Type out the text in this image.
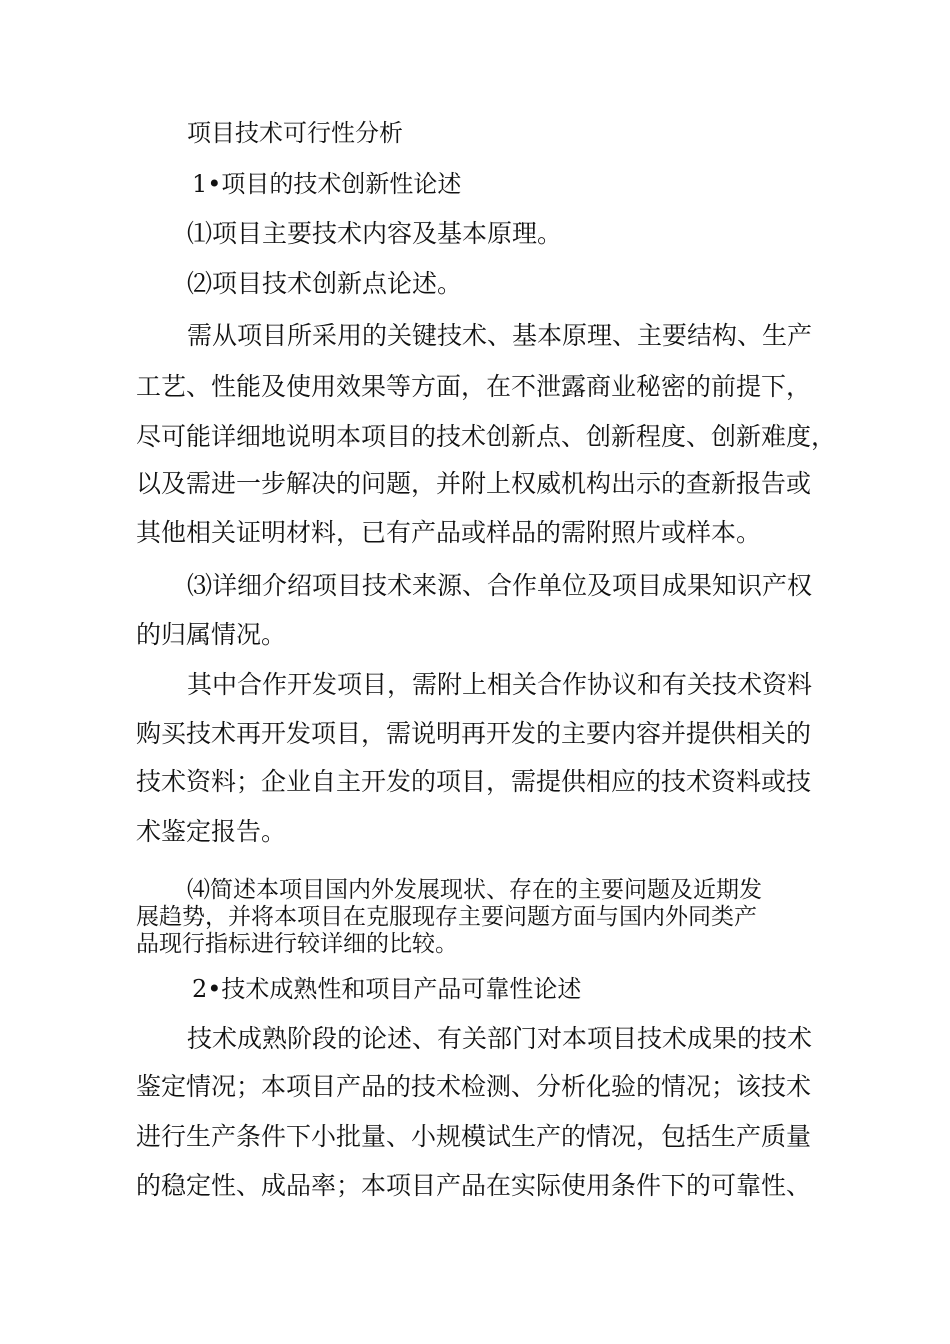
项目技术可行性分析

1•项目的技术创新性论述

⑴项目主要技术内容及基本原理。

⑵项目技术创新点论述。

需从项目所采用的关键技术、基本原理、主要结构、生产

工艺、性能及使用效果等方面，在不泄露商业秘密的前提下，

尽可能详细地说明本项目的技术创新点、创新程度、创新难度，

以及需进一步解决的问题，并附上权威机构出示的查新报告或

其他相关证明材料，已有产品或样品的需附照片或样本。

⑶详细介绍项目技术来源、合作单位及项目成果知识产权

的归属情况。

其中合作开发项目，需附上相关合作协议和有关技术资料

购买技术再开发项目，需说明再开发的主要内容并提供相关的

技术资料；企业自主开发的项目，需提供相应的技术资料或技

术鉴定报告。

⑷简述本项目国内外发展现状、存在的主要问题及近期发

展趋势，并将本项目在克服现存主要问题方面与国内外同类产

品现行指标进行较详细的比较。

2•技术成熟性和项目产品可靠性论述

技术成熟阶段的论述、有关部门对本项目技术成果的技术

鉴定情况；本项目产品的技术检测、分析化验的情况；该技术

进行生产条件下小批量、小规模试生产的情况，包括生产质量

的稳定性、成品率；本项目产品在实际使用条件下的可靠性、
